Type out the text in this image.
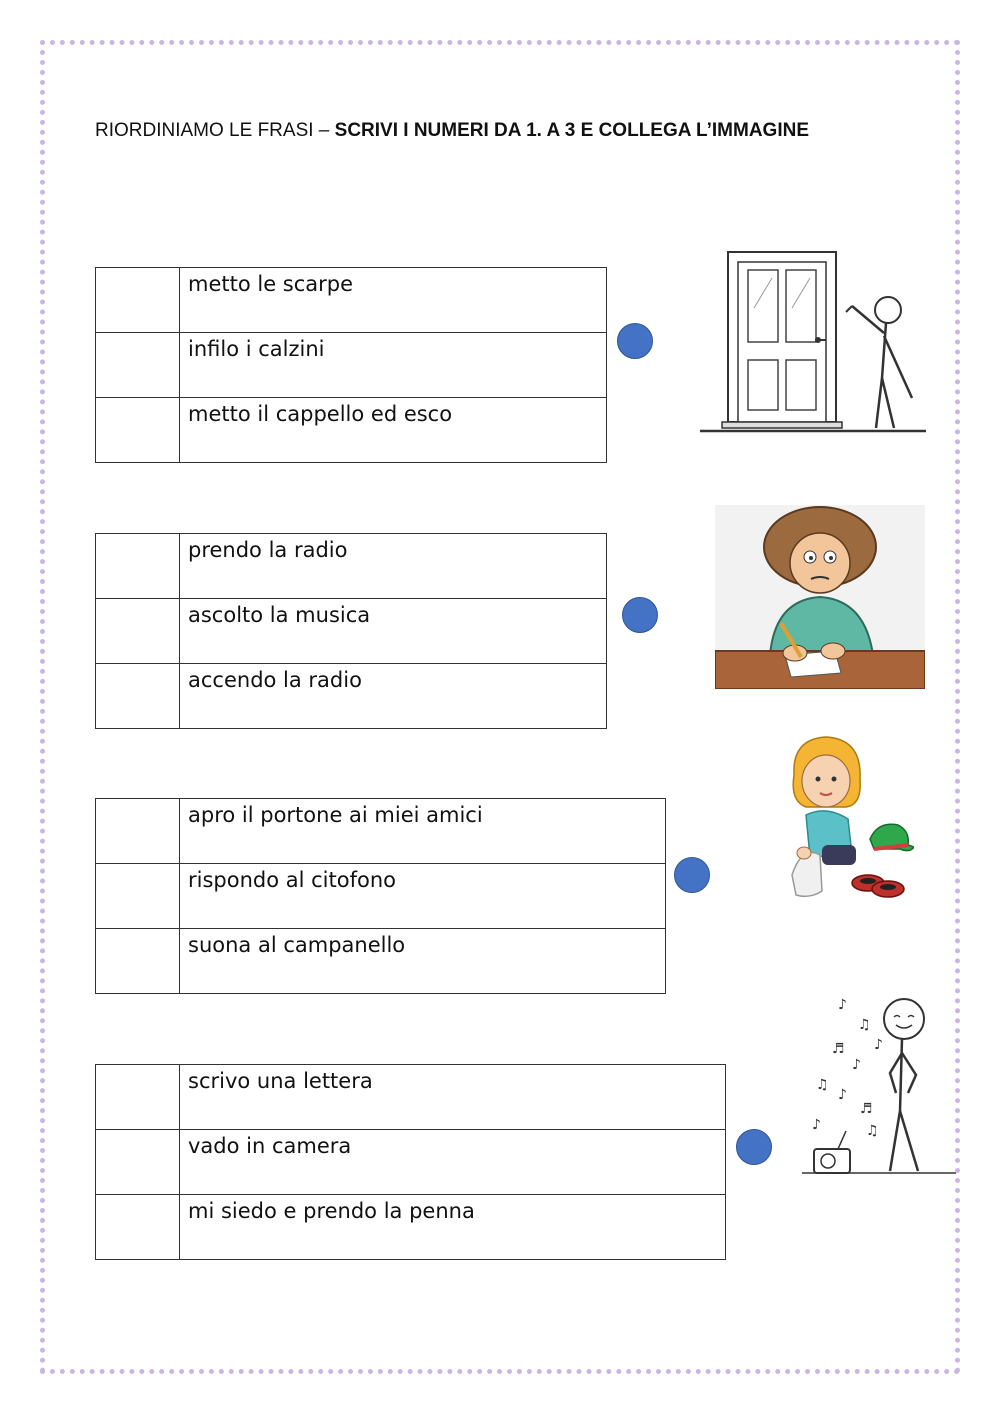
RIORDINIAMO LE FRASI – SCRIVI I NUMERI DA 1. A 3 E COLLEGA L’IMMAGINE
	metto le scarpe
	infilo i calzini
	metto il cappello ed esco
	prendo la radio
	ascolto la musica
	accendo la radio
	apro il portone ai miei amici
	rispondo al citofono
	suona al campanello
	scrivo una lettera
	vado in camera
	mi siedo e prendo la penna
♪
♫
♪
♬
♪
♫
♪
♬
♪	♫
